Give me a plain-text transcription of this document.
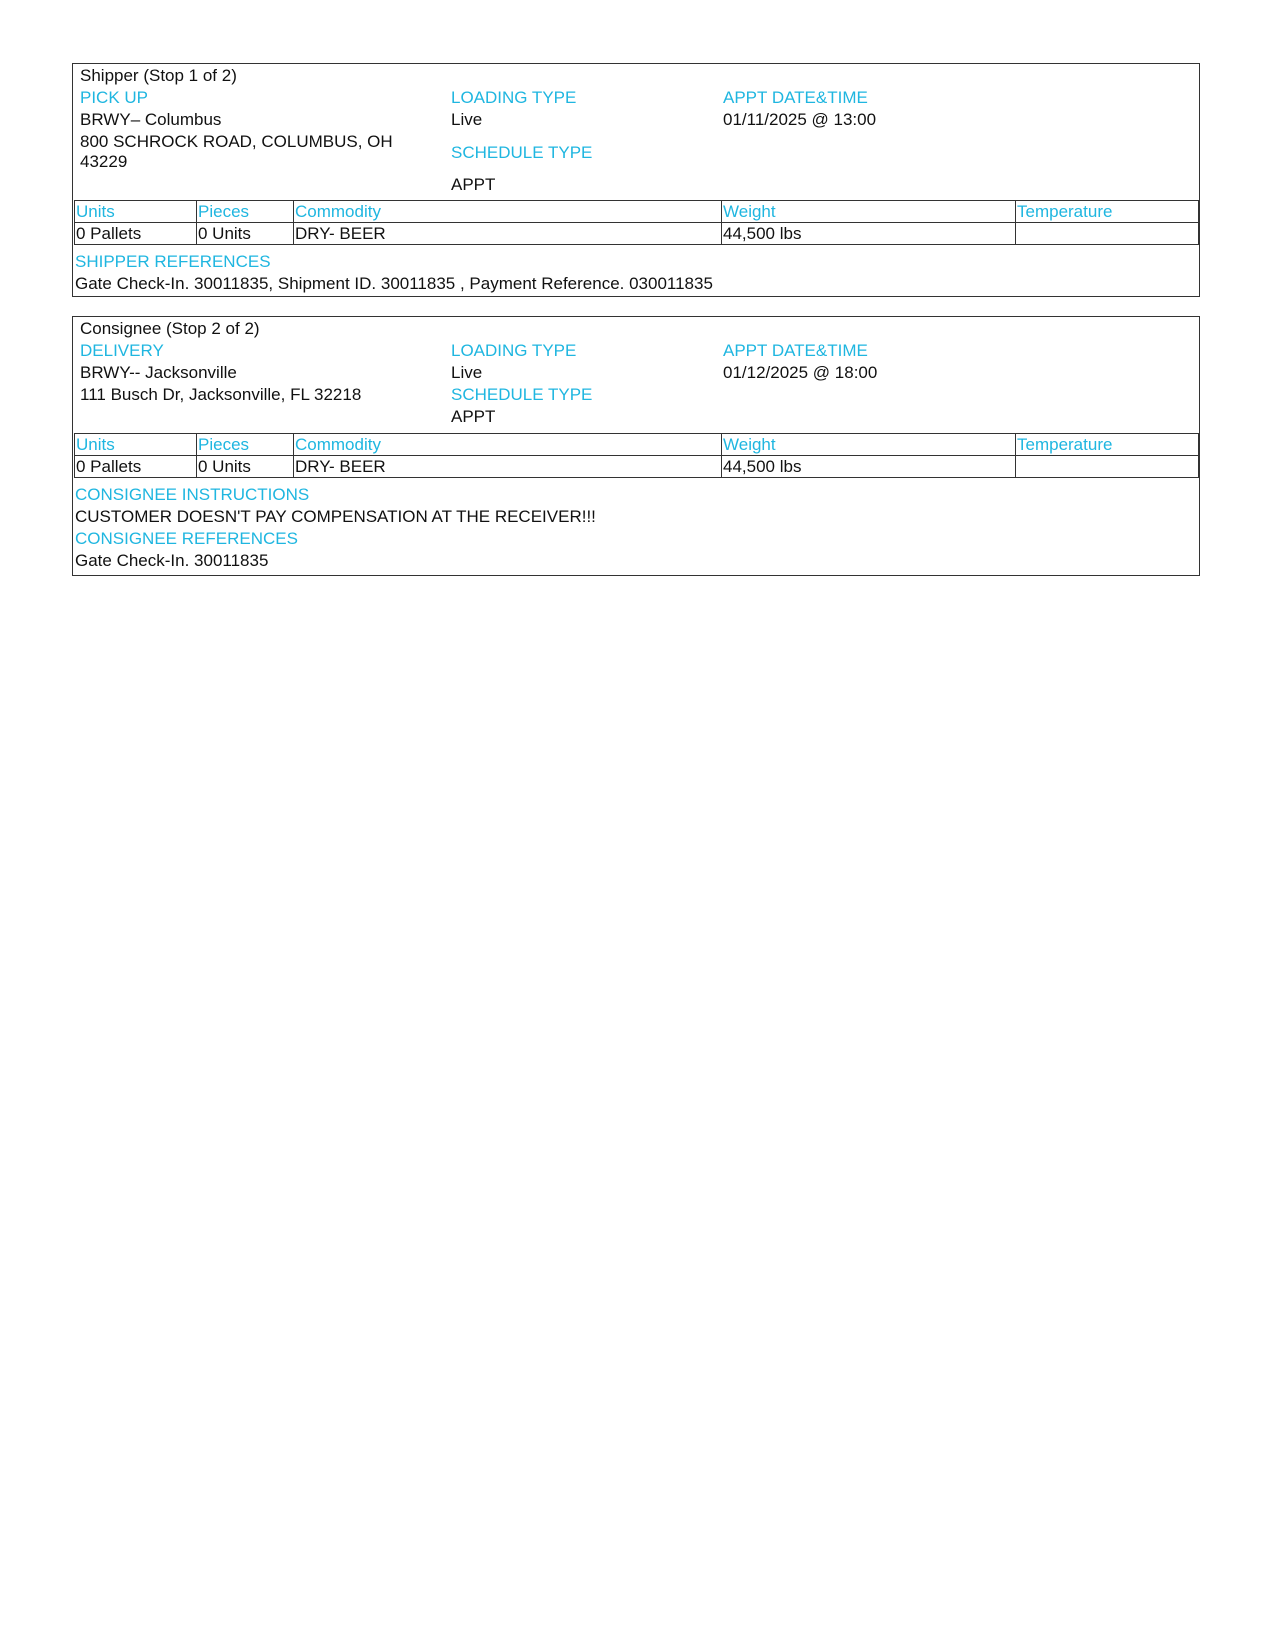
Shipper (Stop 1 of 2)
PICK UP
BRWY– Columbus
800 SCHROCK ROAD, COLUMBUS, OH 43229
LOADING TYPE
Live
SCHEDULE TYPE
APPT
APPT DATE&TIME
01/11/2025 @ 13:00
Units	Pieces	Commodity	Weight	Temperature
0 Pallets	0 Units	DRY- BEER	44,500 lbs	
SHIPPER REFERENCES
Gate Check-In. 30011835, Shipment ID. 30011835 , Payment Reference. 030011835
Consignee (Stop 2 of 2)
DELIVERY
BRWY-- Jacksonville
111 Busch Dr, Jacksonville, FL 32218
LOADING TYPE
Live
SCHEDULE TYPE
APPT
APPT DATE&TIME
01/12/2025 @ 18:00
Units	Pieces	Commodity	Weight	Temperature
0 Pallets	0 Units	DRY- BEER	44,500 lbs	
CONSIGNEE INSTRUCTIONS
CUSTOMER DOESN'T PAY COMPENSATION AT THE RECEIVER!!!
CONSIGNEE REFERENCES
Gate Check-In. 30011835
